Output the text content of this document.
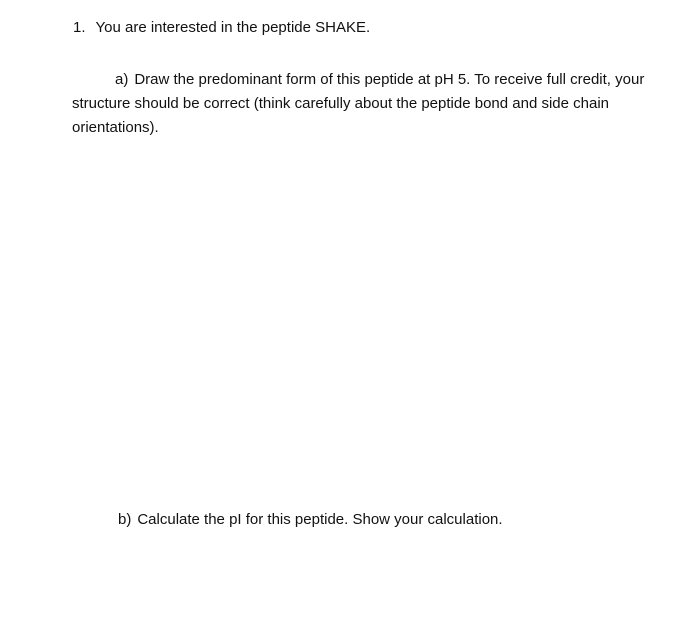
1. You are interested in the peptide SHAKE.
a) Draw the predominant form of this peptide at pH 5. To receive full credit, your
structure should be correct (think carefully about the peptide bond and side chain
orientations).
b) Calculate the pI for this peptide. Show your calculation.
